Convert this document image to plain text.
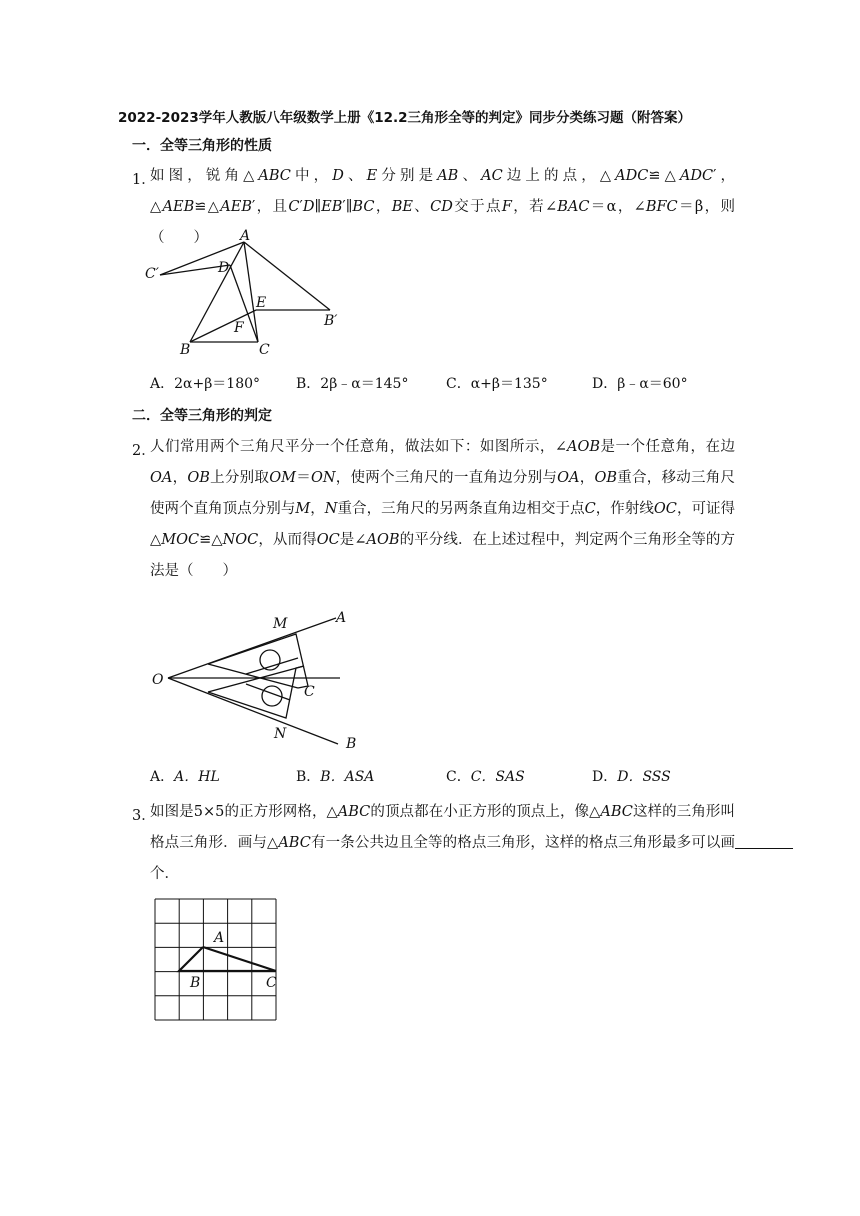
2022-2023学年人教版八年级数学上册《12.2三角形全等的判定》同步分类练习题（附答案）
一．全等三角形的性质
1．
如图，锐角△ABC中，D、E分别是AB、AC边上的点，△ADC≌△ADC′，△AEB≌△AEB′，且C′D∥EB′∥BC，BE、CD交于点F，若∠BAC＝α，∠BFC＝β，则（　　）	A
D
C′
E
B′
F
B	C
A．2α+β＝180°	B．2β﹣α＝145°	C．α+β＝135°	D．β﹣α＝60°
二．全等三角形的判定
2．
人们常用两个三角尺平分一个任意角，做法如下：如图所示，∠AOB是一个任意角，在边OA，OB上分别取OM＝ON，使两个三角尺的一直角边分别与OA，OB重合，移动三角尺使两个直角顶点分别与M，N重合，三角尺的另两条直角边相交于点C，作射线OC，可证得△MOC≌△NOC，从而得OC是∠AOB的平分线．在上述过程中，判定两个三角形全等的方法是（　　）
O
M	A
C
N
B
A．A．HL	B．B．ASA	C．C．SAS	D．D．SSS
3．
如图是5×5的正方形网格，△ABC的顶点都在小正方形的顶点上，像△ABC这样的三角形叫格点三角形．画与△ABC有一条公共边且全等的格点三角形，这样的格点三角形最多可以画　　　　个．
A
B	C
